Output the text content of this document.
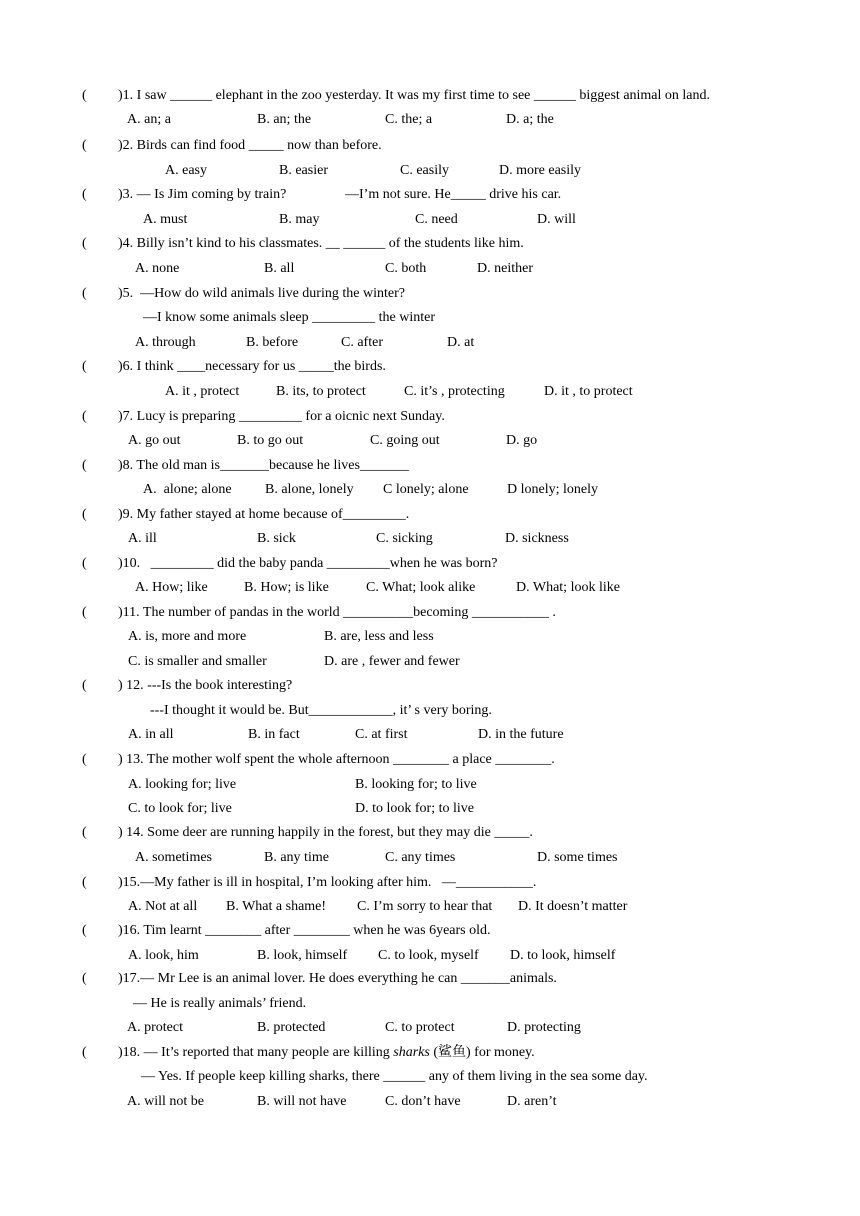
( )1. I saw ______ elephant in the zoo yesterday. It was my first time to see ______ biggest animal on land.
A. an; a	B. an; the	C. the; a	D. a; the
( )2. Birds can find food _____ now than before.
A. easy	B. easier	C. easily	D. more easily
( )3. — Is Jim coming by train?	—I’m not sure. He_____ drive his car.
A. must	B. may	C. need	D. will
( )4. Billy isn’t kind to his classmates. __ ______ of the students like him.
A. none	B. all	C. both	D. neither
( )5.  —How do wild animals live during the winter?
—I know some animals sleep _________ the winter
A. through	B. before	C. after	D. at
( )6. I think ____necessary for us _____the birds.
A. it , protect	B. its, to protect	C. it’s , protecting	D. it , to protect
( )7. Lucy is preparing _________ for a oicnic next Sunday.
A. go out	B. to go out	C. going out	D. go
( )8. The old man is_______because he lives_______
A.  alone; alone B. alone, lonely C lonely; alone	D lonely; lonely
( )9. My father stayed at home because of_________.
A. ill	B. sick	C. sicking	D. sickness
( )10.   _________ did the baby panda _________when he was born?
A. How; like	B. How; is like	C. What; look alike	D. What; look like
( )11. The number of pandas in the world __________becoming ___________ .
A. is, more and more	B. are, less and less
C. is smaller and smaller	D. are , fewer and fewer
( ) 12. ---Is the book interesting?
---I thought it would be. But____________, it’ s very boring.
A. in all	B. in fact	C. at first	D. in the future
( ) 13. The mother wolf spent the whole afternoon ________ a place ________.
A. looking for; live	B. looking for; to live
C. to look for; live	D. to look for; to live
( ) 14. Some deer are running happily in the forest, but they may die _____.
A. sometimes	B. any time	C. any times	D. some times
( )15.—My father is ill in hospital, I’m looking after him.   —___________.
A. Not at all B. What a shame! C. I’m sorry to hear that D. It doesn’t matter
( )16. Tim learnt ________ after ________ when he was 6years old.
A. look, him	B. look, himself C. to look, myself D. to look, himself
( )17.— Mr Lee is an animal lover. He does everything he can _______animals.
— He is really animals’ friend.
A. protect	B. protected	C. to protect	D. protecting
( )18. — It’s reported that many people are killing sharks (鲨鱼) for money.
— Yes. If people keep killing sharks, there ______ any of them living in the sea some day.
A. will not be	B. will not have	C. don’t have	D. aren’t
